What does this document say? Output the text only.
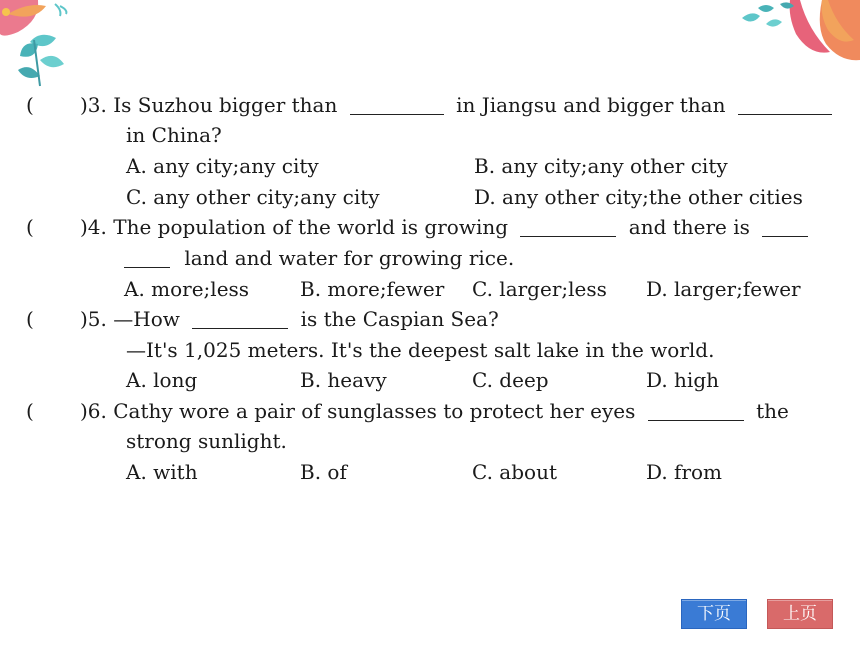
( )3. Is Suzhou bigger than	in Jiangsu and bigger than
in China?
A. any city;any city	B. any city;any other city
C. any other city;any city	D. any other city;the other cities
( )4. The population of the world is growing	and there is
land and water for growing rice.
A. more;less	B. more;fewer C. larger;less D. larger;fewer
( )5. —How	is the Caspian Sea?
—It's 1,025 meters. It's the deepest salt lake in the world.
A. long	B. heavy	C. deep	D. high
( )6. Cathy wore a pair of sunglasses to protect her eyes	the
strong sunlight.
A. with	B. of	C. about	D. from
下页	上页
